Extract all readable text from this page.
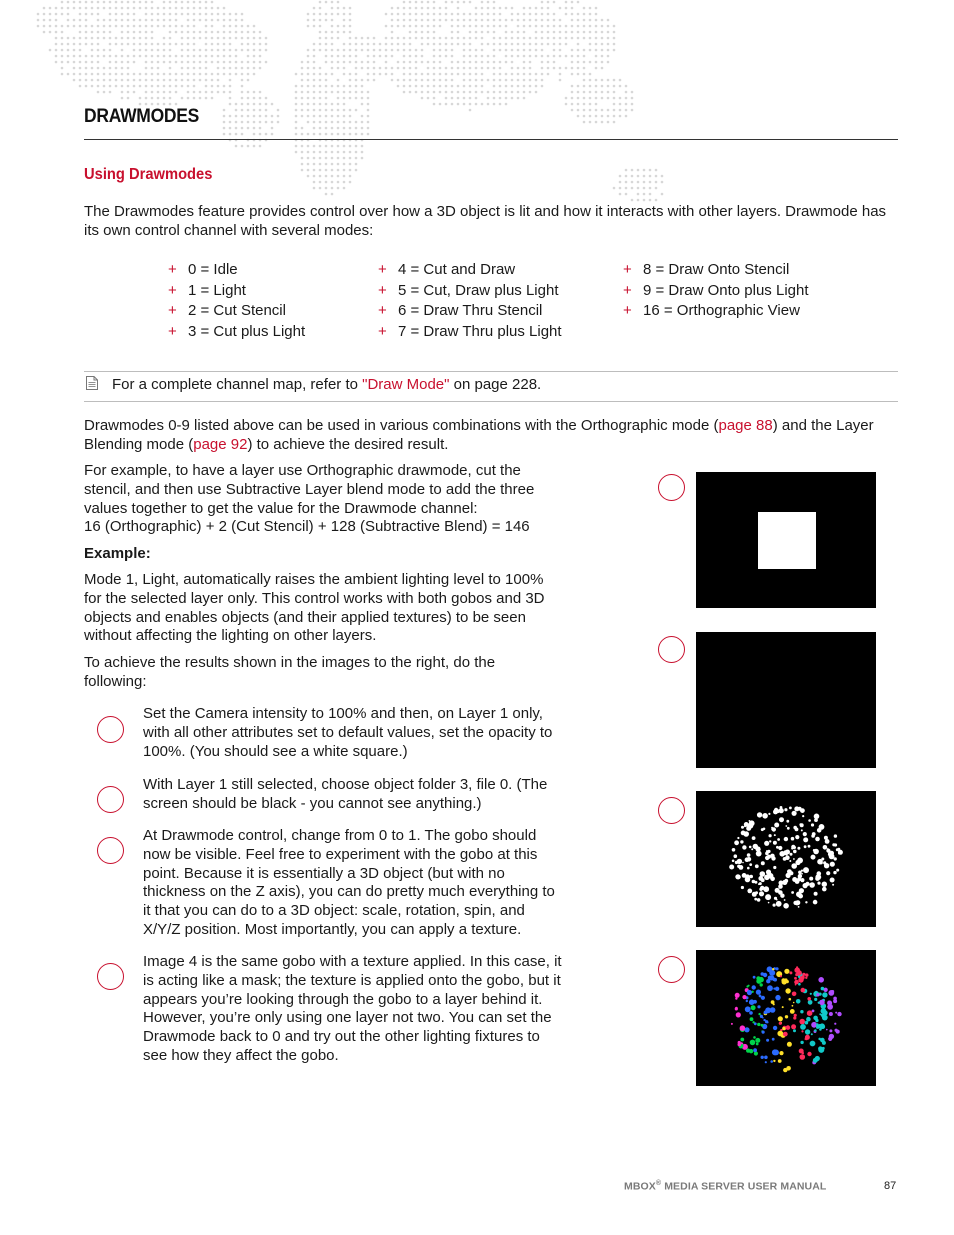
DRAWMODES
Using Drawmodes
The Drawmodes feature provides control over how a 3D object is lit and how it interacts with other layers. Drawmode has its own control channel with several modes:
+ 0 = Idle
+ 1 = Light
+ 2 = Cut Stencil
+ 3 = Cut plus Light
+ 4 = Cut and Draw
+ 5 = Cut, Draw plus Light
+ 6 = Draw Thru Stencil
+ 7 = Draw Thru plus Light
+ 8 = Draw Onto Stencil
+ 9 = Draw Onto plus Light
+ 16 = Orthographic View
For a complete channel map, refer to "Draw Mode" on page 228.
Drawmodes 0-9 listed above can be used in various combinations with the Orthographic mode (page 88) and the Layer Blending mode (page 92) to achieve the desired result.
For example, to have a layer use Orthographic drawmode, cut the stencil, and then use Subtractive Layer blend mode to add the three values together to get the value for the Drawmode channel:
16 (Orthographic) + 2 (Cut Stencil) + 128 (Subtractive Blend) = 146
Example:
Mode 1, Light, automatically raises the ambient lighting level to 100% for the selected layer only. This control works with both gobos and 3D objects and enables objects (and their applied textures) to be seen without affecting the lighting on other layers.
To achieve the results shown in the images to the right, do the following:
Set the Camera intensity to 100% and then, on Layer 1 only, with all other attributes set to default values, set the opacity to 100%. (You should see a white square.)
With Layer 1 still selected, choose object folder 3, file 0. (The screen should be black - you cannot see anything.)
At Drawmode control, change from 0 to 1. The gobo should now be visible. Feel free to experiment with the gobo at this point. Because it is essentially a 3D object (but with no thickness on the Z axis), you can do pretty much everything to it that you can do to a 3D object: scale, rotation, spin, and X/Y/Z position. Most importantly, you can apply a texture.
Image 4 is the same gobo with a texture applied. In this case, it is acting like a mask; the texture is applied onto the gobo, but it appears you’re looking through the gobo to a layer behind it. However, you’re only using one layer not two. You can set the Drawmode back to 0 and try out the other lighting fixtures to see how they affect the gobo.
MBOX® MEDIA SERVER USER MANUAL	87
